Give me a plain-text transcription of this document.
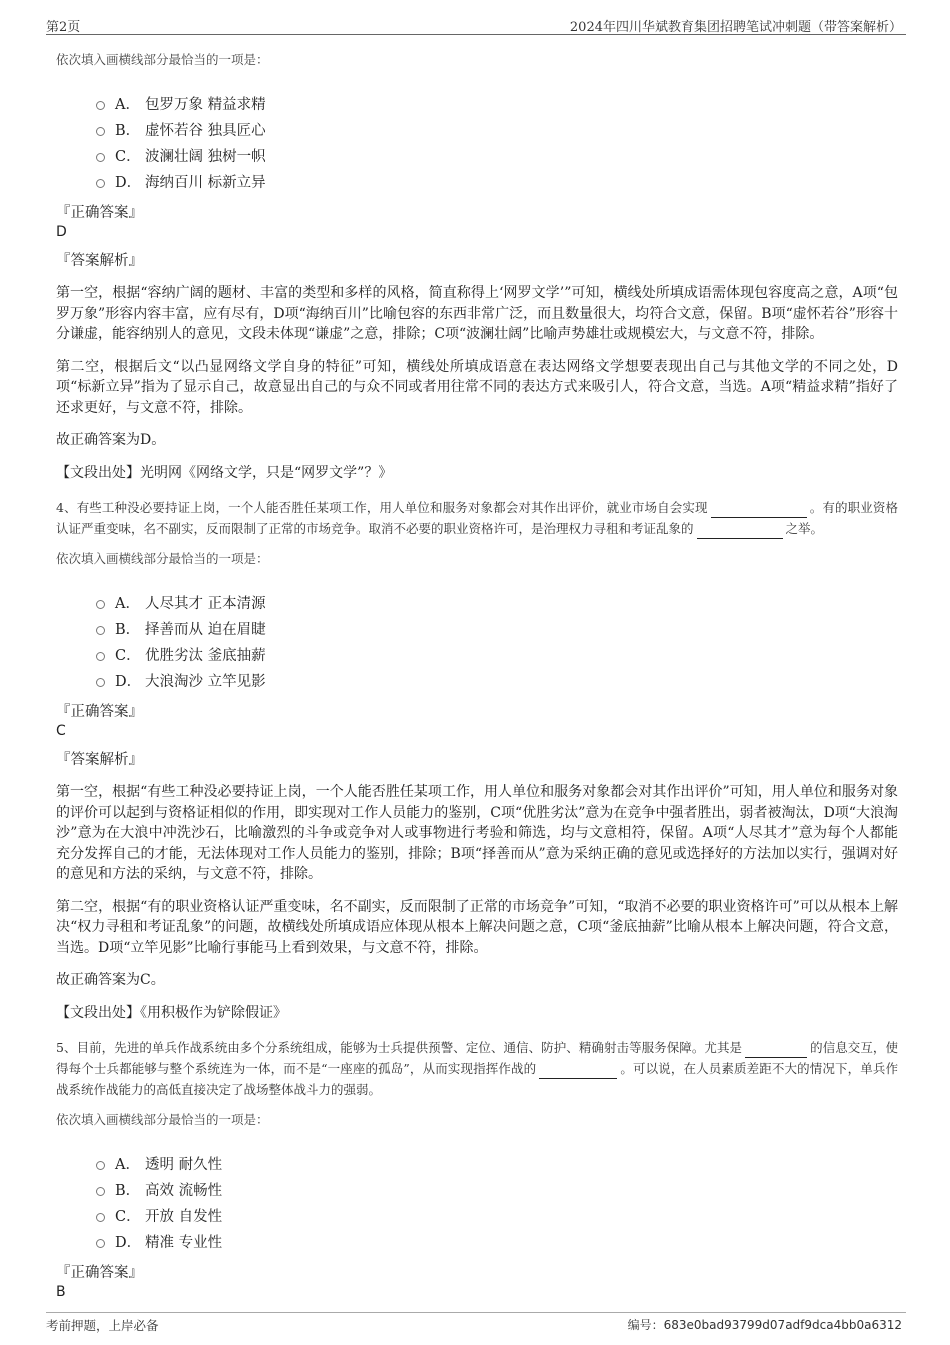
第2页	2024年四川华斌教育集团招聘笔试冲刺题（带答案解析）
依次填入画横线部分最恰当的一项是：
A． 包罗万象 精益求精
B． 虚怀若谷 独具匠心
C． 波澜壮阔 独树一帜
D． 海纳百川 标新立异
『正确答案』
D
『答案解析』
第一空，根据“容纳广阔的题材、丰富的类型和多样的风格，简直称得上‘网罗文学’”可知，横线处所填成语需体现包容度高之意，A项“包罗万象”形容内容丰富，应有尽有，D项“海纳百川”比喻包容的东西非常广泛，而且数量很大，均符合文意，保留。B项“虚怀若谷”形容十分谦虚，能容纳别人的意见，文段未体现“谦虚”之意，排除；C项“波澜壮阔”比喻声势雄壮或规模宏大，与文意不符，排除。
第二空，根据后文“以凸显网络文学自身的特征”可知，横线处所填成语意在表达网络文学想要表现出自己与其他文学的不同之处，D项“标新立异”指为了显示自己，故意显出自己的与众不同或者用往常不同的表达方式来吸引人，符合文意，当选。A项“精益求精”指好了还求更好，与文意不符，排除。
故正确答案为D。
【文段出处】光明网《网络文学，只是“网罗文学”？》
4、有些工种没必要持证上岗，一个人能否胜任某项工作，用人单位和服务对象都会对其作出评价，就业市场自会实现	。有的职业资格认证严重变味，名不副实，反而限制了正常的市场竞争。取消不必要的职业资格许可，是治理权力寻租和考证乱象的	之举。
依次填入画横线部分最恰当的一项是：
A． 人尽其才 正本清源
B． 择善而从 迫在眉睫
C． 优胜劣汰 釜底抽薪
D． 大浪淘沙 立竿见影
『正确答案』
C
『答案解析』
第一空，根据“有些工种没必要持证上岗，一个人能否胜任某项工作，用人单位和服务对象都会对其作出评价”可知，用人单位和服务对象的评价可以起到与资格证相似的作用，即实现对工作人员能力的鉴别，C项“优胜劣汰”意为在竞争中强者胜出，弱者被淘汰，D项“大浪淘沙”意为在大浪中冲洗沙石，比喻激烈的斗争或竞争对人或事物进行考验和筛选，均与文意相符，保留。A项“人尽其才”意为每个人都能充分发挥自己的才能，无法体现对工作人员能力的鉴别，排除；B项“择善而从”意为采纳正确的意见或选择好的方法加以实行，强调对好的意见和方法的采纳，与文意不符，排除。
第二空，根据“有的职业资格认证严重变味，名不副实，反而限制了正常的市场竞争”可知，“取消不必要的职业资格许可”可以从根本上解决“权力寻租和考证乱象”的问题，故横线处所填成语应体现从根本上解决问题之意，C项“釜底抽薪”比喻从根本上解决问题，符合文意，当选。D项“立竿见影”比喻行事能马上看到效果，与文意不符，排除。
故正确答案为C。
【文段出处】《用积极作为铲除假证》
5、目前，先进的单兵作战系统由多个分系统组成，能够为士兵提供预警、定位、通信、防护、精确射击等服务保障。尤其是	的信息交互，使得每个士兵都能够与整个系统连为一体，而不是“一座座的孤岛”，从而实现指挥作战的	。可以说，在人员素质差距不大的情况下，单兵作战系统作战能力的高低直接决定了战场整体战斗力的强弱。
依次填入画横线部分最恰当的一项是：
A． 透明 耐久性
B． 高效 流畅性
C． 开放 自发性
D． 精准 专业性
『正确答案』
B
考前押题，上岸必备	编号：683e0bad93799d07adf9dca4bb0a6312
